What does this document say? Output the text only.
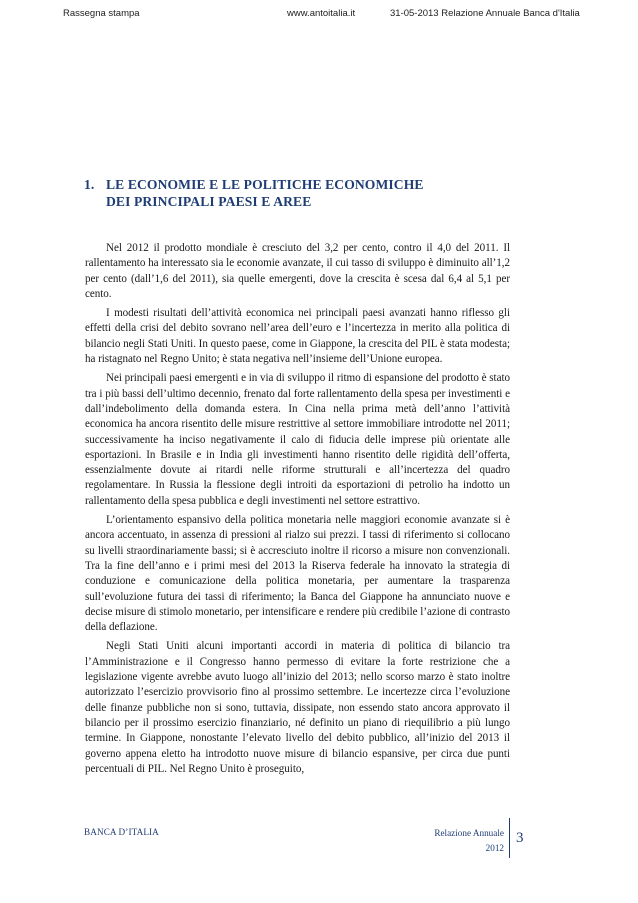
Rassegna stampa	www.antoitalia.it	31-05-2013 Relazione Annuale Banca d'Italia
1. LE ECONOMIE E LE POLITICHE ECONOMICHE
DEI PRINCIPALI PAESI E AREE

Nel 2012 il prodotto mondiale è cresciuto del 3,2 per cento, contro il 4,0 del 2011. Il rallentamento ha interessato sia le economie avanzate, il cui tasso di sviluppo è diminuito all’1,2 per cento (dall’1,6 del 2011), sia quelle emergenti, dove la crescita è scesa dal 6,4 al 5,1 per cento.

I modesti risultati dell’attività economica nei principali paesi avanzati hanno riflesso gli effetti della crisi del debito sovrano nell’area dell’euro e l’incertezza in merito alla politica di bilancio negli Stati Uniti. In questo paese, come in Giappone, la crescita del PIL è stata modesta; ha ristagnato nel Regno Unito; è stata negativa nell’insieme dell’Unione europea.

Nei principali paesi emergenti e in via di sviluppo il ritmo di espansione del prodotto è stato tra i più bassi dell’ultimo decennio, frenato dal forte rallentamento della spesa per investimenti e dall’indebolimento della domanda estera. In Cina nella prima metà dell’anno l’attività economica ha ancora risentito delle misure restrittive al settore immobiliare introdotte nel 2011; successivamente ha inciso negativamente il calo di fiducia delle imprese più orientate alle esportazioni. In Brasile e in India gli investimenti hanno risentito delle rigidità dell’offerta, essenzialmente dovute ai ritardi nelle riforme strutturali e all’incertezza del quadro regolamentare. In Russia la flessione degli introiti da esportazioni di petrolio ha indotto un rallentamento della spesa pubblica e degli investimenti nel settore estrattivo.

L’orientamento espansivo della politica monetaria nelle maggiori economie avanzate si è ancora accentuato, in assenza di pressioni al rialzo sui prezzi. I tassi di riferimento si collocano su livelli straordinariamente bassi; si è accresciuto inoltre il ricorso a misure non convenzionali. Tra la fine dell’anno e i primi mesi del 2013 la Riserva federale ha innovato la strategia di conduzione e comunicazione della politica monetaria, per aumentare la trasparenza sull’evoluzione futura dei tassi di riferimento; la Banca del Giappone ha annunciato nuove e decise misure di stimolo monetario, per intensificare e rendere più credibile l’azione di contrasto della deflazione.

Negli Stati Uniti alcuni importanti accordi in materia di politica di bilancio tra l’Amministrazione e il Congresso hanno permesso di evitare la forte restrizione che a legislazione vigente avrebbe avuto luogo all’inizio del 2013; nello scorso marzo è stato inoltre autorizzato l’esercizio provvisorio fino al prossimo settembre. Le incertezze circa l’evoluzione delle finanze pubbliche non si sono, tuttavia, dissipate, non essendo stato ancora approvato il bilancio per il prossimo esercizio finanziario, né definito un piano di riequilibrio a più lungo termine. In Giappone, nonostante l’elevato livello del debito pubblico, all’inizio del 2013 il governo appena eletto ha introdotto nuove misure di bilancio espansive, per circa due punti percentuali di PIL. Nel Regno Unito è proseguito,

BANCA D’ITALIA	Relazione Annuale
2012
3
